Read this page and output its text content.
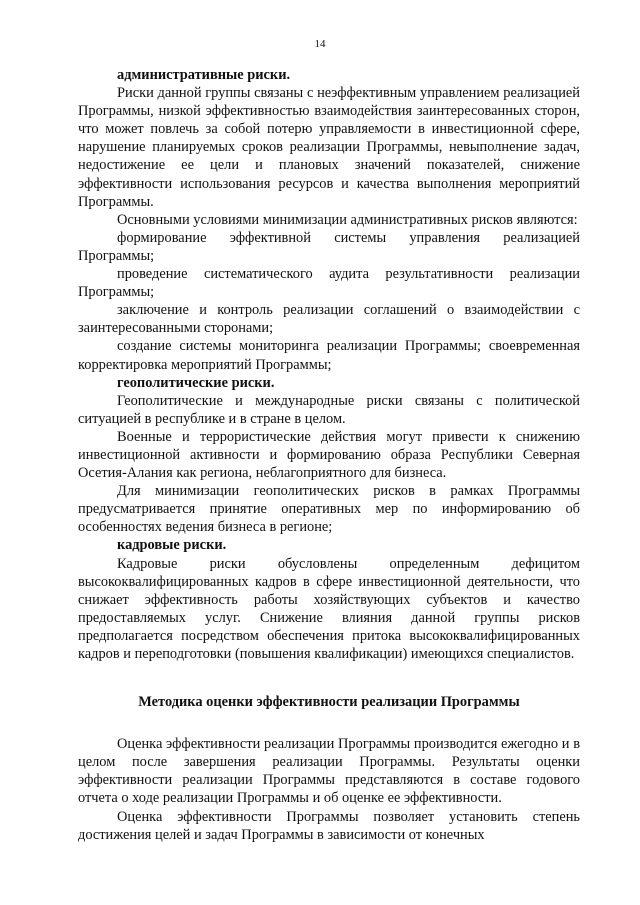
14

административные риски.

Риски данной группы связаны с неэффективным управлением реализацией Программы, низкой эффективностью взаимодействия заинтересованных сторон, что может повлечь за собой потерю управляемости в инвестиционной сфере, нарушение планируемых сроков реализации Программы, невыполнение задач, недостижение ее цели и плановых значений показателей, снижение эффективности использования ресурсов и качества выполнения мероприятий Программы.

Основными условиями минимизации административных рисков являются:

формирование эффективной системы управления реализацией Программы;

проведение систематического аудита результативности реализации Программы;

заключение и контроль реализации соглашений о взаимодействии с заинтересованными сторонами;

создание системы мониторинга реализации Программы; своевременная корректировка мероприятий Программы;

геополитические риски.

Геополитические и международные риски связаны с политической ситуацией в республике и в стране в целом.

Военные и террористические действия могут привести к снижению инвестиционной активности и формированию образа Республики Северная Осетия-Алания как региона, неблагоприятного для бизнеса.

Для минимизации геополитических рисков в рамках Программы предусматривается принятие оперативных мер по информированию об особенностях ведения бизнеса в регионе;

кадровые риски.

Кадровые риски обусловлены определенным дефицитом высококвалифицированных кадров в сфере инвестиционной деятельности, что снижает эффективность работы хозяйствующих субъектов и качество предоставляемых услуг. Снижение влияния данной группы рисков предполагается посредством обеспечения притока высококвалифицированных кадров и переподготовки (повышения квалификации) имеющихся специалистов.

Методика оценки эффективности реализации Программы

Оценка эффективности реализации Программы производится ежегодно и в целом после завершения реализации Программы. Результаты оценки эффективности реализации Программы представляются в составе годового отчета о ходе реализации Программы и об оценке ее эффективности.

Оценка эффективности Программы позволяет установить степень достижения целей и задач Программы в зависимости от конечных
